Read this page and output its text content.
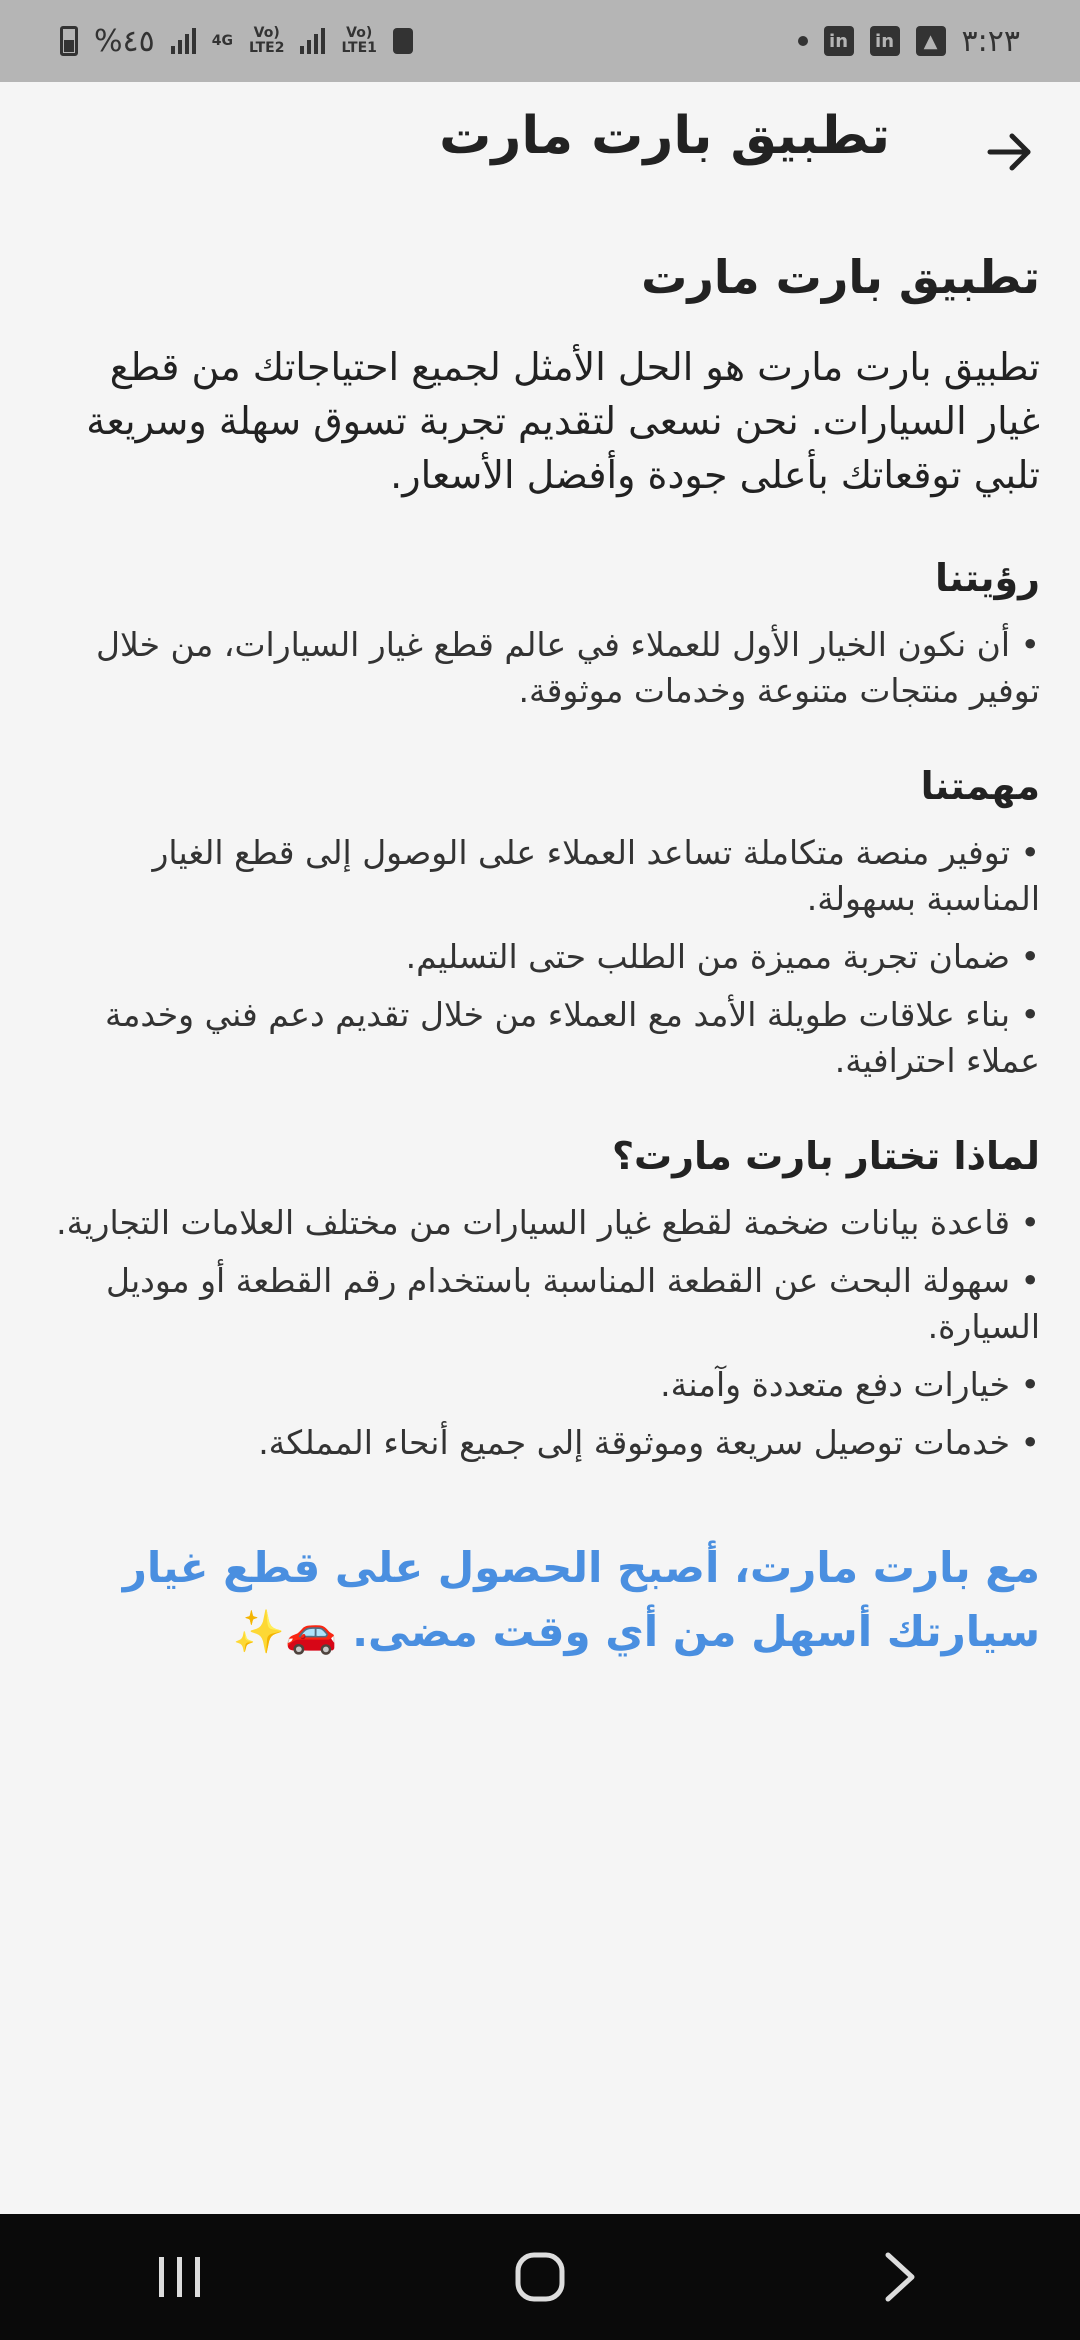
%٤٥	4G	Vo)
LTE2
Vo)
LTE1	in	in	▲ ٣:٢٣
تطبيق بارت مارت
تطبيق بارت مارت

تطبيق بارت مارت هو الحل الأمثل لجميع احتياجاتك من قطع غيار السيارات. نحن نسعى لتقديم تجربة تسوق سهلة وسريعة تلبي توقعاتك بأعلى جودة وأفضل الأسعار.

رؤيتنا
• أن نكون الخيار الأول للعملاء في عالم قطع غيار السيارات، من خلال توفير منتجات متنوعة وخدمات موثوقة.
مهمتنا
• توفير منصة متكاملة تساعد العملاء على الوصول إلى قطع الغيار المناسبة بسهولة.
• ضمان تجربة مميزة من الطلب حتى التسليم.
• بناء علاقات طويلة الأمد مع العملاء من خلال تقديم دعم فني وخدمة عملاء احترافية.
لماذا تختار بارت مارت؟
• قاعدة بيانات ضخمة لقطع غيار السيارات من مختلف العلامات التجارية.
• سهولة البحث عن القطعة المناسبة باستخدام رقم القطعة أو موديل السيارة.
• خيارات دفع متعددة وآمنة.
• خدمات توصيل سريعة وموثوقة إلى جميع أنحاء المملكة.

مع بارت مارت، أصبح الحصول على قطع غيار سيارتك أسهل من أي وقت مضى. 🚗✨
